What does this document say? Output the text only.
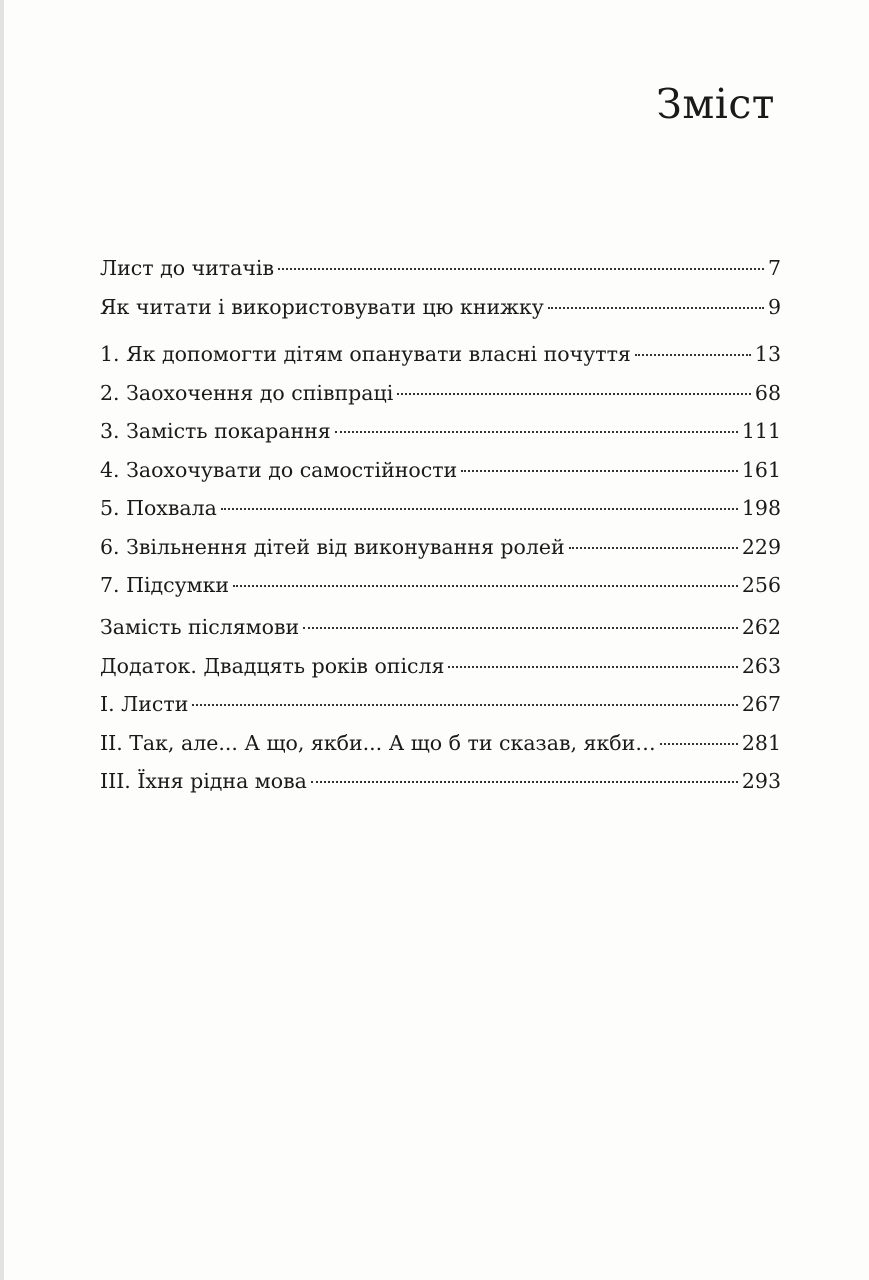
Зміст
Лист до читачів	7
Як читати і використовувати цю книжку	9
1. Як допомогти дітям опанувати власні почуття	13
2. Заохочення до співпраці	68
3. Замість покарання	111
4. Заохочувати до самостійности	161
5. Похвала	198
6. Звільнення дітей від виконування ролей	229
7. Підсумки	256
Замість післямови	262
Додаток. Двадцять років опісля	263
І. Листи	267
ІІ. Так, але... А що, якби... А що б ти сказав, якби…	281
ІІІ. Їхня рідна мова	293
